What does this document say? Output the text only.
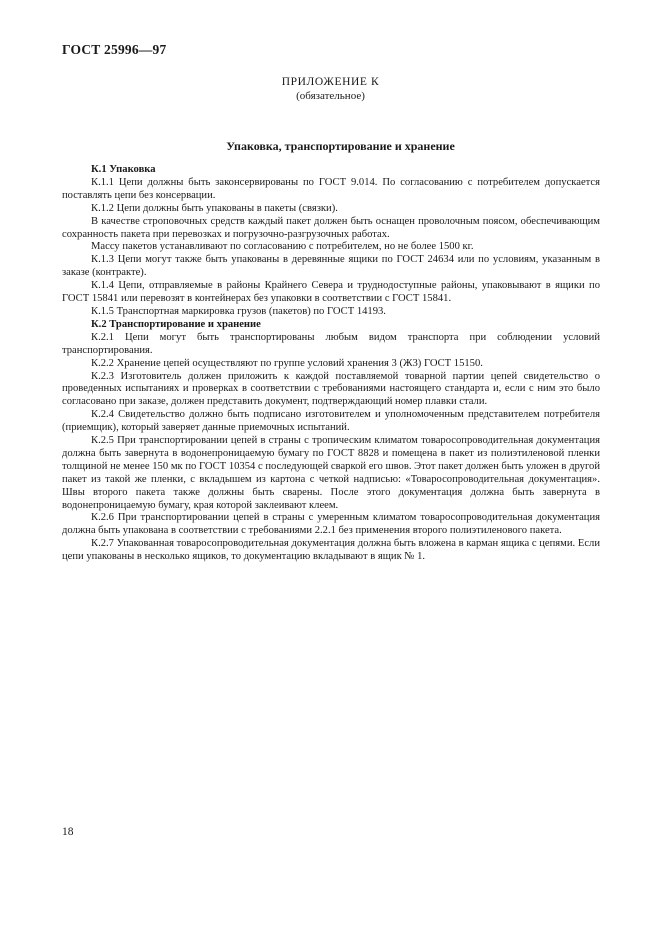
ГОСТ 25996—97
ПРИЛОЖЕНИЕ К
(обязательное)
Упаковка, транспортирование и хранение

К.1 Упаковка

К.1.1 Цепи должны быть законсервированы по ГОСТ 9.014. По согласованию с потребителем допускается поставлять цепи без консервации.

К.1.2 Цепи должны быть упакованы в пакеты (связки).

В качестве строповочных средств каждый пакет должен быть оснащен проволочным поясом, обеспечивающим сохранность пакета при перевозках и погрузочно-разгрузочных работах.

Массу пакетов устанавливают по согласованию с потребителем, но не более 1500 кг.

К.1.3 Цепи могут также быть упакованы в деревянные ящики по ГОСТ 24634 или по условиям, указанным в заказе (контракте).

К.1.4 Цепи, отправляемые в районы Крайнего Севера и труднодоступные районы, упаковывают в ящики по ГОСТ 15841 или перевозят в контейнерах без упаковки в соответствии с ГОСТ 15841.

К.1.5 Транспортная маркировка грузов (пакетов) по ГОСТ 14193.

К.2 Транспортирование и хранение

К.2.1 Цепи могут быть транспортированы любым видом транспорта при соблюдении условий транспортирования.

К.2.2 Хранение цепей осуществляют по группе условий хранения 3 (Ж3) ГОСТ 15150.

К.2.3 Изготовитель должен приложить к каждой поставляемой товарной партии цепей свидетельство о проведенных испытаниях и проверках в соответствии с требованиями настоящего стандарта и, если с ним это было согласовано при заказе, должен представить документ, подтверждающий номер плавки стали.

К.2.4 Свидетельство должно быть подписано изготовителем и уполномоченным представителем потребителя (приемщик), который заверяет данные приемочных испытаний.

К.2.5 При транспортировании цепей в страны с тропическим климатом товаросопроводительная документация должна быть завернута в водонепроницаемую бумагу по ГОСТ 8828 и помещена в пакет из полиэтиленовой пленки толщиной не менее 150 мк по ГОСТ 10354 с последующей сваркой его швов. Этот пакет должен быть уложен в другой пакет из такой же пленки, с вкладышем из картона с четкой надписью: «Товаросопроводительная документация». Швы второго пакета также должны быть сварены. После этого документация должна быть завернута в водонепроницаемую бумагу, края которой заклеивают клеем.

К.2.6 При транспортировании цепей в страны с умеренным климатом товаросопроводительная документация должна быть упакована в соответствии с требованиями 2.2.1 без применения второго полиэтиленового пакета.

К.2.7 Упакованная товаросопроводительная документация должна быть вложена в карман ящика с цепями. Если цепи упакованы в несколько ящиков, то документацию вкладывают в ящик № 1.

18
